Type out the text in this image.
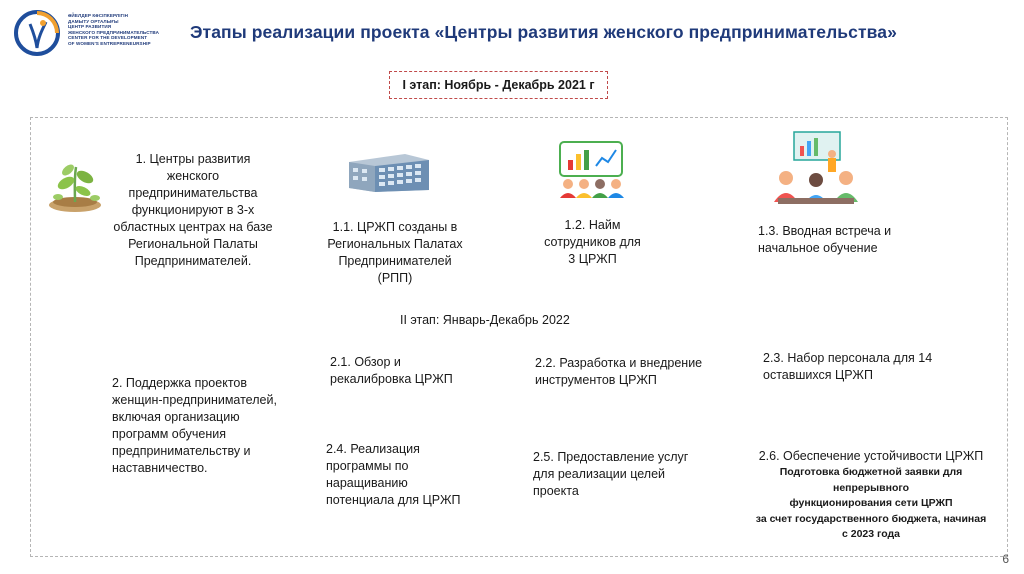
ӘЙЕЛДЕР КӘСІПКЕРЛІГІН
ДАМЫТУ ОРТАЛЫҒЫ
ЦЕНТР РАЗВИТИЯ
ЖЕНСКОГО ПРЕДПРИНИМАТЕЛЬСТВА
CENTER FOR THE DEVELOPMENT
OF WOMEN'S ENTREPRENEURSHIP
Этапы реализации проекта «Центры развития женского предпринимательства»
I этап: Ноябрь - Декабрь 2021 г
1. Центры развития
женского
предпринимательства
функционируют в 3-х
областных центрах на базе
Региональной Палаты
Предпринимателей.
1.1. ЦРЖП созданы в
Региональных Палатах
Предпринимателей
(РПП)
1.2. Найм
сотрудников для
3 ЦРЖП
1.3. Вводная встреча и
начальное обучение
II этап: Январь-Декабрь 2022
2. Поддержка проектов
женщин-предпринимателей,
включая организацию
программ обучения
предпринимательству и
наставничество.
2.1. Обзор и
рекалибровка ЦРЖП
2.2. Разработка и внедрение
инструментов ЦРЖП
2.3. Набор персонала для 14
оставшихся ЦРЖП
2.4. Реализация
программы по
наращиванию
потенциала для ЦРЖП
2.5. Предоставление услуг
для реализации целей
проекта
2.6. Обеспечение устойчивости ЦРЖП
Подготовка бюджетной заявки для
непрерывного
функционирования сети ЦРЖП
за счет государственного бюджета, начиная
с 2023 года
6
